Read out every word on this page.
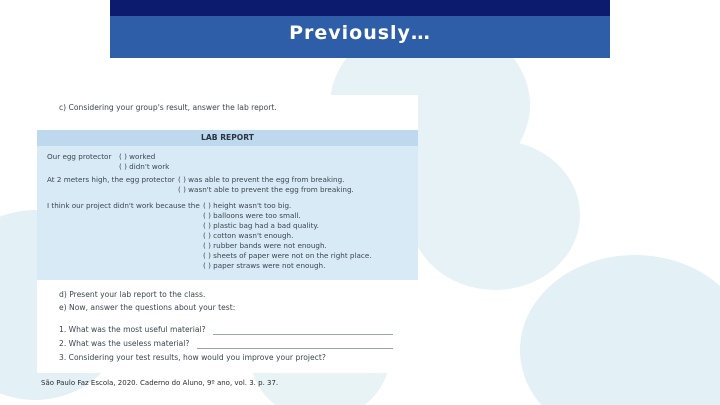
Previously…
c) Considering your group's result, answer the lab report.
LAB REPORT
Our egg protector ( ) worked
( ) didn't work
At 2 meters high, the egg protector ( ) was able to prevent the egg from breaking.
( ) wasn't able to prevent the egg from breaking.
I think our project didn't work because the ( ) height wasn't too big.
( ) balloons were too small.
( ) plastic bag had a bad quality.
( ) cotton wasn't enough.
( ) rubber bands were not enough.
( ) sheets of paper were not on the right place.
( ) paper straws were not enough.
d) Present your lab report to the class.
e) Now, answer the questions about your test:
1. What was the most useful material?
2. What was the useless material?
3. Considering your test results, how would you improve your project?
São Paulo Faz Escola, 2020. Caderno do Aluno, 9º ano, vol. 3. p. 37.
